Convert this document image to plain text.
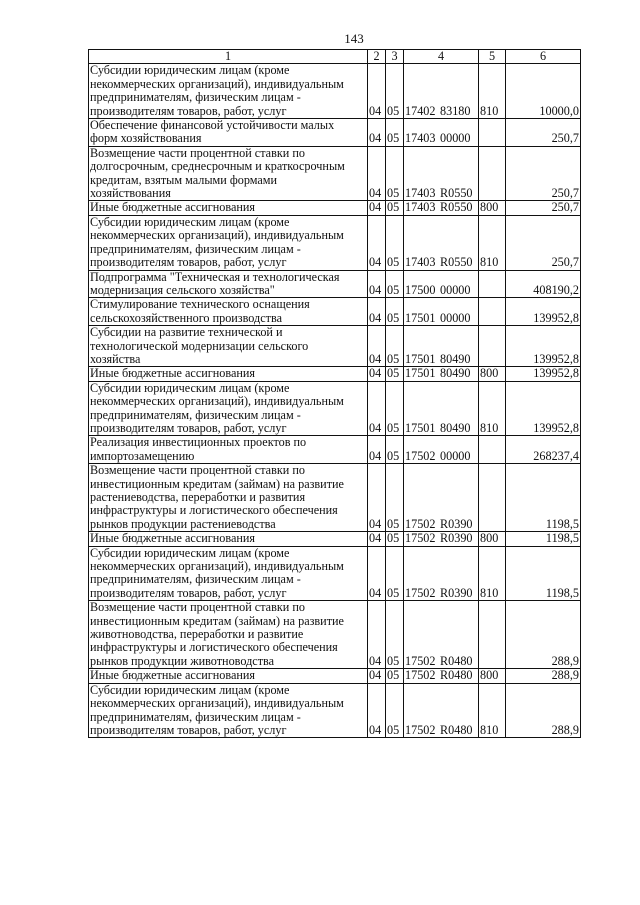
143
1	2	3	4	5	6
Субсидии юридическим лицам (кроме
некоммерческих организаций), индивидуальным
предпринимателям, физическим лицам -
производителям товаров, работ, услуг	04	05	17402 83180	810	10000,0
Обеспечение финансовой устойчивости малых
форм хозяйствования	04	05	17403 00000		250,7
Возмещение части процентной ставки по
долгосрочным, среднесрочным и краткосрочным
кредитам, взятым малыми формами
хозяйствования	04	05	17403 R0550		250,7
Иные бюджетные ассигнования	04	05	17403 R0550	800	250,7
Субсидии юридическим лицам (кроме
некоммерческих организаций), индивидуальным
предпринимателям, физическим лицам -
производителям товаров, работ, услуг	04	05	17403 R0550	810	250,7
Подпрограмма "Техническая и технологическая
модернизация сельского хозяйства"	04	05	17500 00000		408190,2
Стимулирование технического оснащения
сельскохозяйственного производства	04	05	17501 00000		139952,8
Субсидии на развитие технической и
технологической модернизации сельского
хозяйства	04	05	17501 80490		139952,8
Иные бюджетные ассигнования	04	05	17501 80490	800	139952,8
Субсидии юридическим лицам (кроме
некоммерческих организаций), индивидуальным
предпринимателям, физическим лицам -
производителям товаров, работ, услуг	04	05	17501 80490	810	139952,8
Реализация инвестиционных проектов по
импортозамещению	04	05	17502 00000		268237,4
Возмещение части процентной ставки по
инвестиционным кредитам (займам) на развитие
растениеводства, переработки и развития
инфраструктуры и логистического обеспечения
рынков продукции растениеводства	04	05	17502 R0390		1198,5
Иные бюджетные ассигнования	04	05	17502 R0390	800	1198,5
Субсидии юридическим лицам (кроме
некоммерческих организаций), индивидуальным
предпринимателям, физическим лицам -
производителям товаров, работ, услуг	04	05	17502 R0390	810	1198,5
Возмещение части процентной ставки по
инвестиционным кредитам (займам) на развитие
животноводства, переработки и развитие
инфраструктуры и логистического обеспечения
рынков продукции животноводства	04	05	17502 R0480		288,9
Иные бюджетные ассигнования	04	05	17502 R0480	800	288,9
Субсидии юридическим лицам (кроме
некоммерческих организаций), индивидуальным
предпринимателям, физическим лицам -
производителям товаров, работ, услуг	04	05	17502 R0480	810	288,9
